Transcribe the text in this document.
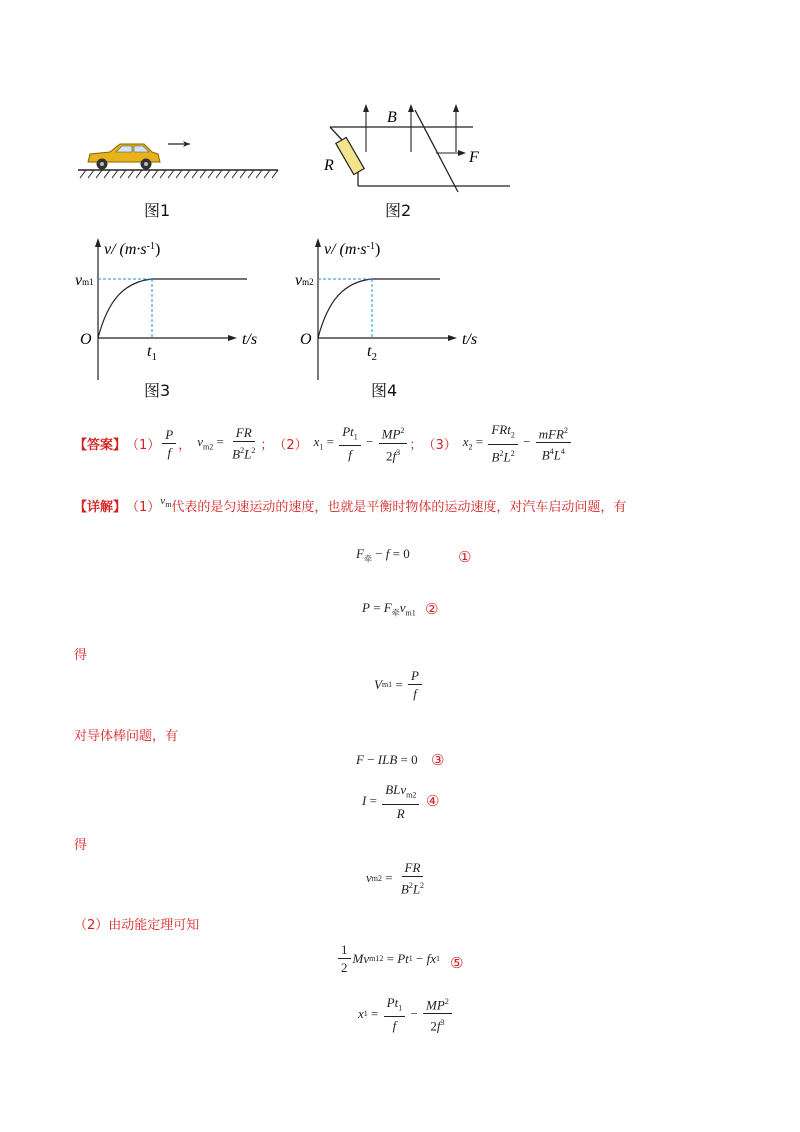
图1
B
R	F
图2
v/ $(m\cdot s^{-1})$
vm1
O
$t_1$
t/s
图3
v/ $(m\cdot s^{-1})$
vm2
O
$t_2$
t/s
图4
【答案】 $(1) \frac{P}{f}$ ， $v_{m2} = \frac{FR}{B^2L^2}$ ； （2） $x_1 = \frac{Pt_1}{f} - \frac{MP^2}{2f^3}$ ； （3） $x_2 = \frac{FRt_2}{B^2L^2} - \frac{mFR^2}{B^4L^4}$
【详解】 （1） $v_m$ 代表的是匀速运动的速度，也就是平衡时物体的运动速度，对汽车启动问题，有
$F_牵 - f = 0$	①
$P = F_牵v_{m1}$ ②
得
V $m1 = \frac{P}{f}$
对导体棒问题，有
F − ILB = 0 ③
$I = \frac{BLv_{m2}}{R}$ ④
得
v $m2 = \frac{FR}{B^2L^2}$
（2）由动能定理可知
$\frac{1}{2}$ Mv m1 2 = Pt 1 − fx 1 ⑤
x $1 = \frac{Pt_1}{f} - \frac{MP^2}{2f^3}$
